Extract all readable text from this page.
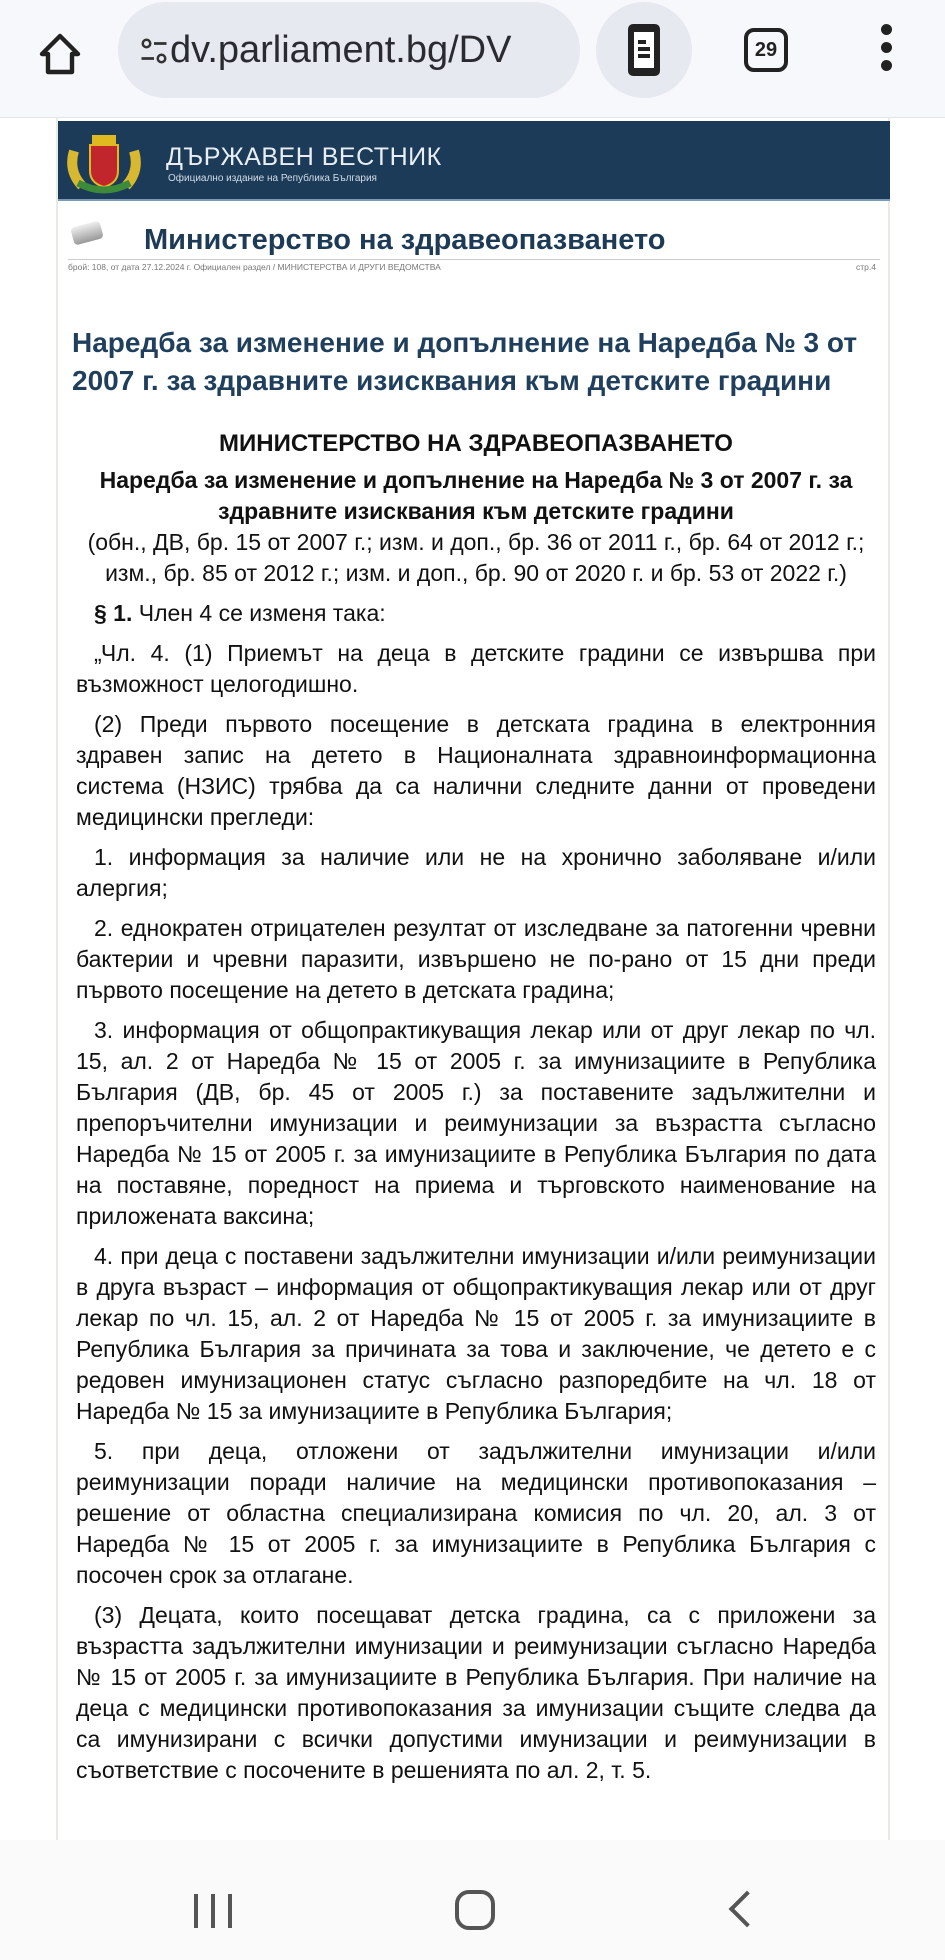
dv.parliament.bg/DV	29
ДЪРЖАВЕН ВЕСТНИК
Официално издание на Република България
Министерство на здравеопазването
брой: 108, от дата 27.12.2024 г. Официален раздел / МИНИСТЕРСТВА И ДРУГИ ВЕДОМСТВА	стр.4
Наредба за изменение и допълнение на Наредба № 3 от 2007 г. за здравните изисквания към детските градини
МИНИСТЕРСТВО НА ЗДРАВЕОПАЗВАНЕТО
Наредба за изменение и допълнение на Наредба № 3 от 2007 г. за здравните изисквания към детските градини
(обн., ДВ, бр. 15 от 2007 г.; изм. и доп., бр. 36 от 2011 г., бр. 64 от 2012 г.; изм., бр. 85 от 2012 г.; изм. и доп., бр. 90 от 2020 г. и бр. 53 от 2022 г.)
§ 1. Член 4 се изменя така:

„Чл. 4. (1) Приемът на деца в детските градини се извършва при възможност целогодишно.

(2) Преди първото посещение в детската градина в електронния здравен запис на детето в Националната здравноинформационна система (НЗИС) трябва да са налични следните данни от проведени медицински прегледи:

1. информация за наличие или не на хронично заболяване и/или алергия;

2. еднократен отрицателен резултат от изследване за патогенни чревни бактерии и чревни паразити, извършено не по-рано от 15 дни преди първото посещение на детето в детската градина;

3. информация от общопрактикуващия лекар или от друг лекар по чл. 15, ал. 2 от Наредба № 15 от 2005 г. за имунизациите в Република България (ДВ, бр. 45 от 2005 г.) за поставените задължителни и препоръчителни имунизации и реимунизации за възрастта съгласно Наредба № 15 от 2005 г. за имунизациите в Република България по дата на поставяне, поредност на приема и търговското наименование на приложената ваксина;

4. при деца с поставени задължителни имунизации и/или реимунизации в друга възраст – информация от общопрактикуващия лекар или от друг лекар по чл. 15, ал. 2 от Наредба № 15 от 2005 г. за имунизациите в Република България за причината за това и заключение, че детето е с редовен имунизационен статус съгласно разпоредбите на чл. 18 от Наредба № 15 за имунизациите в Република България;

5. при деца, отложени от задължителни имунизации и/или реимунизации поради наличие на медицински противопоказания – решение от областна специализирана комисия по чл. 20, ал. 3 от Наредба № 15 от 2005 г. за имунизациите в Република България с посочен срок за отлагане.

(3) Децата, които посещават детска градина, са с приложени за възрастта задължителни имунизации и реимунизации съгласно Наредба № 15 от 2005 г. за имунизациите в Република България. При наличие на деца с медицински противопоказания за имунизации същите следва да са имунизирани с всички допустими имунизации и реимунизации в съответствие с посочените в решенията по ал. 2, т. 5.
